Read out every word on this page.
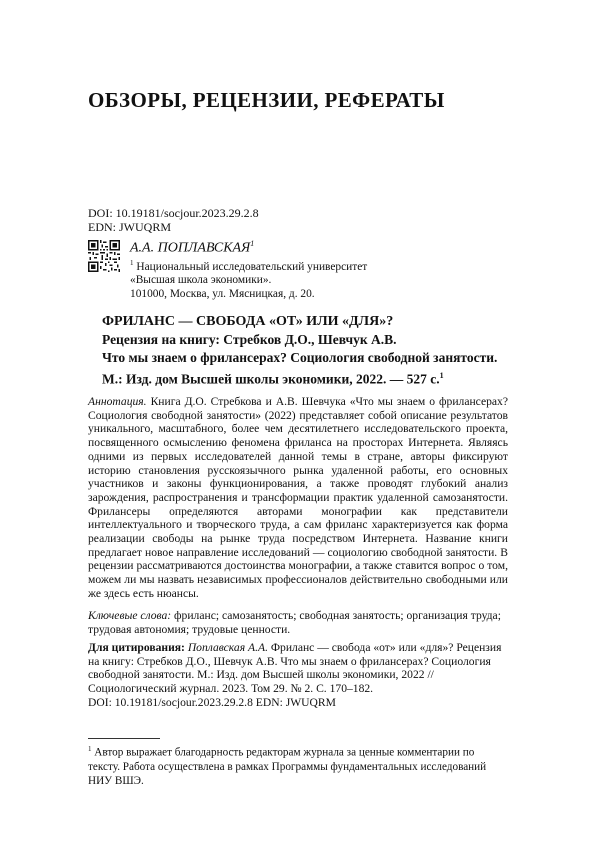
ОБЗОРЫ, РЕЦЕНЗИИ, РЕФЕРАТЫ
DOI: 10.19181/socjour.2023.29.2.8
EDN: JWUQRM
А.А. ПОПЛАВСКАЯ$^1$
$^1$ Национальный исследовательский университет
«Высшая школа экономики».
101000, Москва, ул. Мясницкая, д. 20.
ФРИЛАНС — СВОБОДА «ОТ» ИЛИ «ДЛЯ»?
Рецензия на книгу: Стребков Д.О., Шевчук А.В.
Что мы знаем о фрилансерах? Социология свободной занятости.
М.: Изд. дом Высшей школы экономики, 2022. — 527 с.$^1$
Аннотация. Книга Д.О. Стребкова и А.В. Шевчука «Что мы знаем о фрилансерах? Социология свободной занятости» (2022) представляет собой описание результатов уникального, масштабного, более чем десятилетнего исследовательского проекта, посвященного осмыслению феномена фриланса на просторах Интернета. Являясь одними из первых исследователей данной темы в стране, авторы фиксируют историю становления русскоязычного рынка удаленной работы, его основных участников и законы функционирования, а также проводят глубокий анализ зарождения, распространения и трансформации практик удаленной самозанятости. Фрилансеры определяются авторами монографии как представители интеллектуального и творческого труда, а сам фриланс характеризуется как форма реализации свободы на рынке труда посредством Интернета. Название книги предлагает новое направление исследований — социологию свободной занятости. В рецензии рассматриваются достоинства монографии, а также ставится вопрос о том, можем ли мы назвать независимых профессионалов действительно свободными или же здесь есть нюансы.
Ключевые слова: фриланс; самозанятость; свободная занятость; организация труда; трудовая автономия; трудовые ценности.
Для цитирования: Поплавская А.А. Фриланс — свобода «от» или «для»? Рецензия на книгу: Стребков Д.О., Шевчук А.В. Что мы знаем о фрилансерах? Социология свободной занятости. М.: Изд. дом Высшей школы экономики, 2022 // Социологический журнал. 2023. Том 29. № 2. С. 170–182.
DOI: 10.19181/socjour.2023.29.2.8 EDN: JWUQRM
$^1$ Автор выражает благодарность редакторам журнала за ценные комментарии по тексту. Работа осуществлена в рамках Программы фундаментальных исследований НИУ ВШЭ.
